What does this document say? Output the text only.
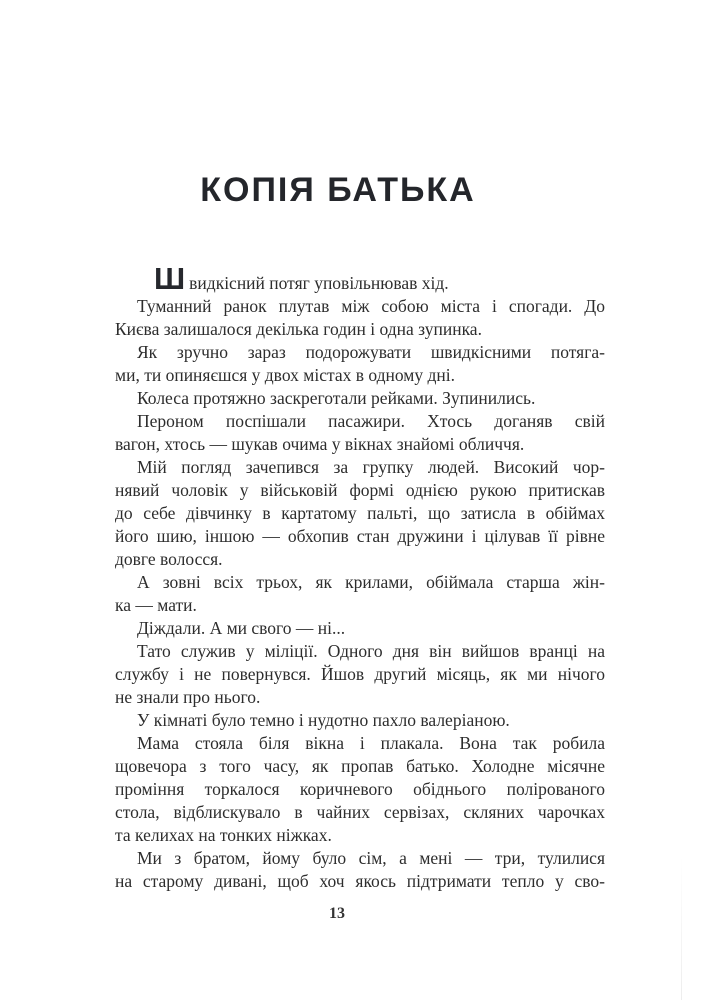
КОПІЯ БАТЬКА
Швидкісний потяг уповільнював хід.
Туманний ранок плутав між собою міста і спогади. До
Києва залишалося декілька годин і одна зупинка.
Як зручно зараз подорожувати швидкісними потяга-
ми, ти опиняєшся у двох містах в одному дні.
Колеса протяжно заскреготали рейками. Зупинились.
Пероном поспішали пасажири. Хтось доганяв свій
вагон, хтось — шукав очима у вікнах знайомі обличчя.
Мій погляд зачепився за групку людей. Високий чор-
нявий чоловік у військовій формі однією рукою притискав
до себе дівчинку в картатому пальті, що затисла в обіймах
його шию, іншою — обхопив стан дружини і цілував її рівне
довге волосся.
А зовні всіх трьох, як крилами, обіймала старша жін-
ка — мати.
Діждали. А ми свого — ні...
Тато служив у міліції. Одного дня він вийшов вранці на
службу і не повернувся. Йшов другий місяць, як ми нічого
не знали про нього.
У кімнаті було темно і нудотно пахло валеріаною.
Мама стояла біля вікна і плакала. Вона так робила
щовечора з того часу, як пропав батько. Холодне місячне
проміння торкалося коричневого обіднього полірованого
стола, відблискувало в чайних сервізах, скляних чарочках
та келихах на тонких ніжках.
Ми з братом, йому було сім, а мені — три, тулилися
на старому дивані, щоб хоч якось підтримати тепло у сво-
13
